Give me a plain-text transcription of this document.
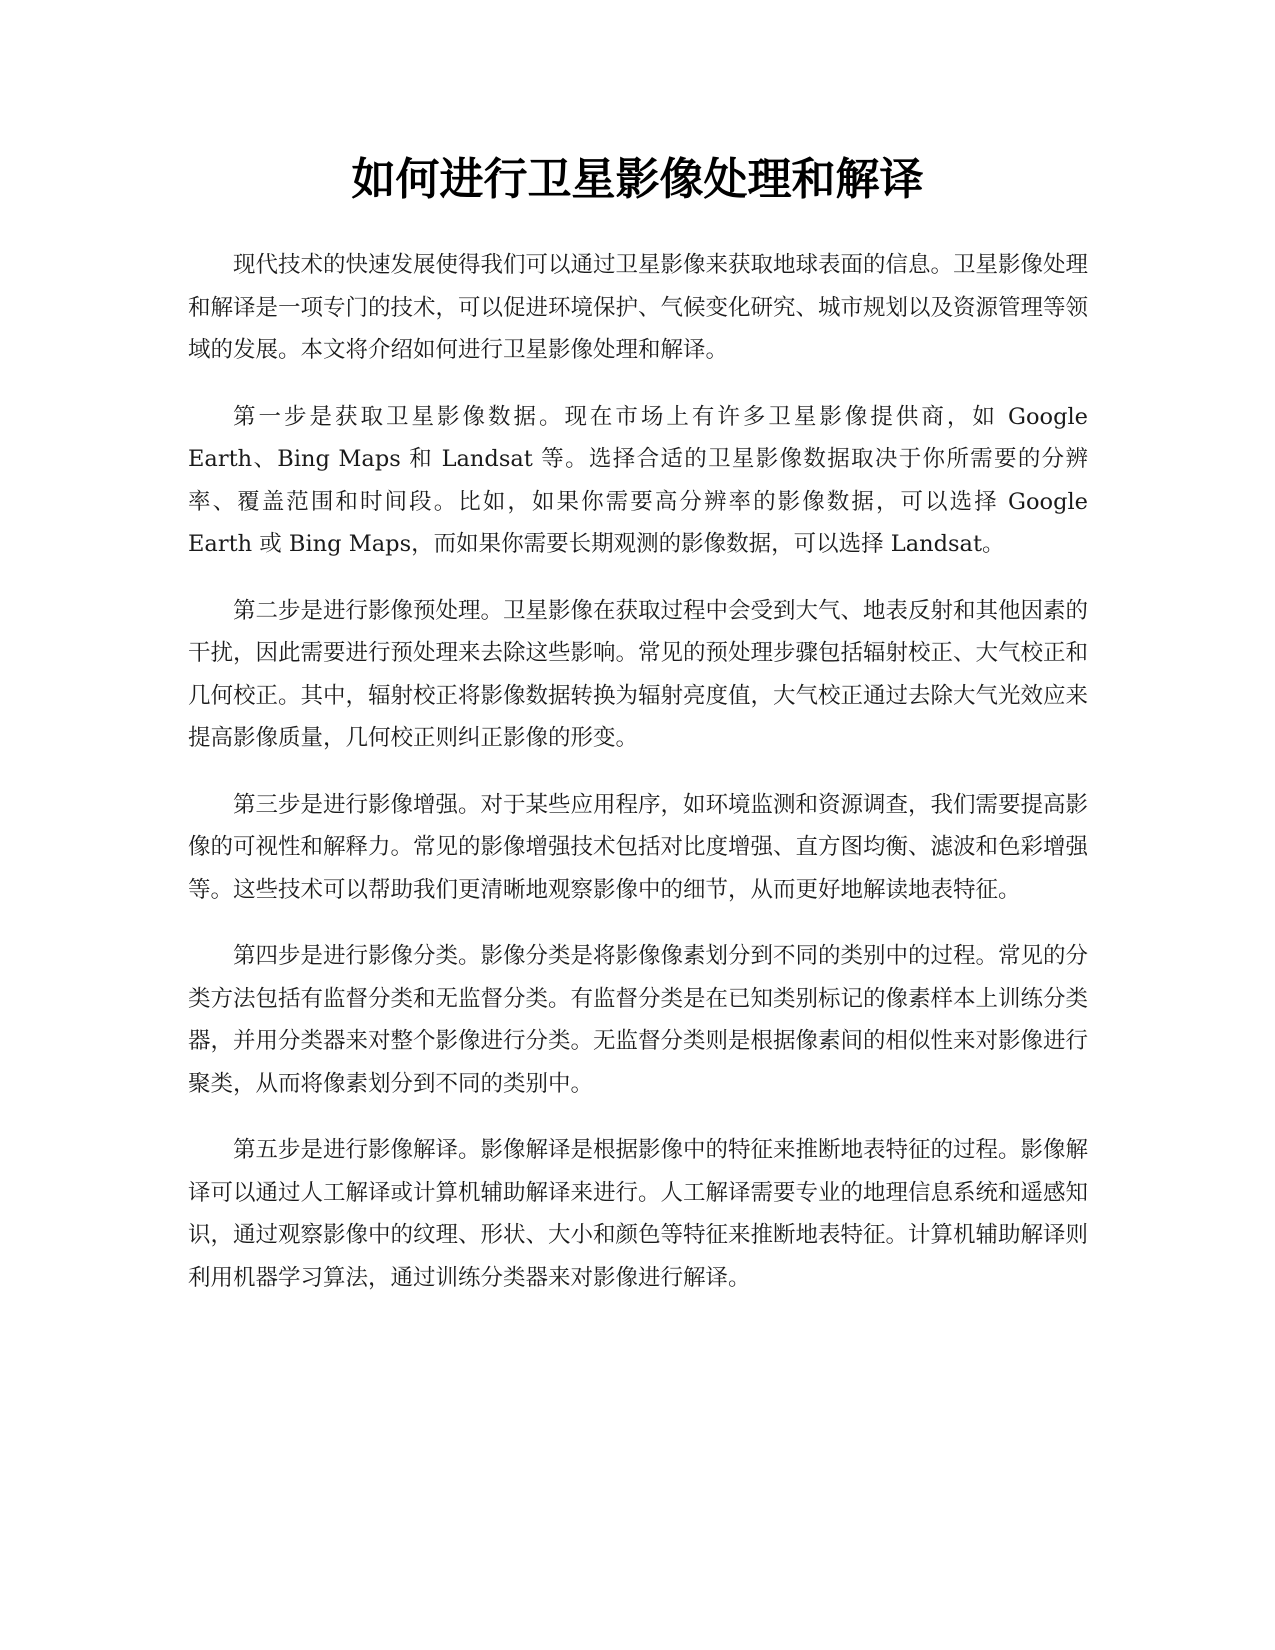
如何进行卫星影像处理和解译

现代技术的快速发展使得我们可以通过卫星影像来获取地球表面的信息。卫星影像处理和解译是一项专门的技术，可以促进环境保护、气候变化研究、城市规划以及资源管理等领域的发展。本文将介绍如何进行卫星影像处理和解译。

第一步是获取卫星影像数据。现在市场上有许多卫星影像提供商，如 Google Earth、Bing Maps 和 Landsat 等。选择合适的卫星影像数据取决于你所需要的分辨率、覆盖范围和时间段。比如，如果你需要高分辨率的影像数据，可以选择 Google Earth 或 Bing Maps，而如果你需要长期观测的影像数据，可以选择 Landsat。

第二步是进行影像预处理。卫星影像在获取过程中会受到大气、地表反射和其他因素的干扰，因此需要进行预处理来去除这些影响。常见的预处理步骤包括辐射校正、大气校正和几何校正。其中，辐射校正将影像数据转换为辐射亮度值，大气校正通过去除大气光效应来提高影像质量，几何校正则纠正影像的形变。

第三步是进行影像增强。对于某些应用程序，如环境监测和资源调查，我们需要提高影像的可视性和解释力。常见的影像增强技术包括对比度增强、直方图均衡、滤波和色彩增强等。这些技术可以帮助我们更清晰地观察影像中的细节，从而更好地解读地表特征。

第四步是进行影像分类。影像分类是将影像像素划分到不同的类别中的过程。常见的分类方法包括有监督分类和无监督分类。有监督分类是在已知类别标记的像素样本上训练分类器，并用分类器来对整个影像进行分类。无监督分类则是根据像素间的相似性来对影像进行聚类，从而将像素划分到不同的类别中。

第五步是进行影像解译。影像解译是根据影像中的特征来推断地表特征的过程。影像解译可以通过人工解译或计算机辅助解译来进行。人工解译需要专业的地理信息系统和遥感知识，通过观察影像中的纹理、形状、大小和颜色等特征来推断地表特征。计算机辅助解译则利用机器学习算法，通过训练分类器来对影像进行解译。
